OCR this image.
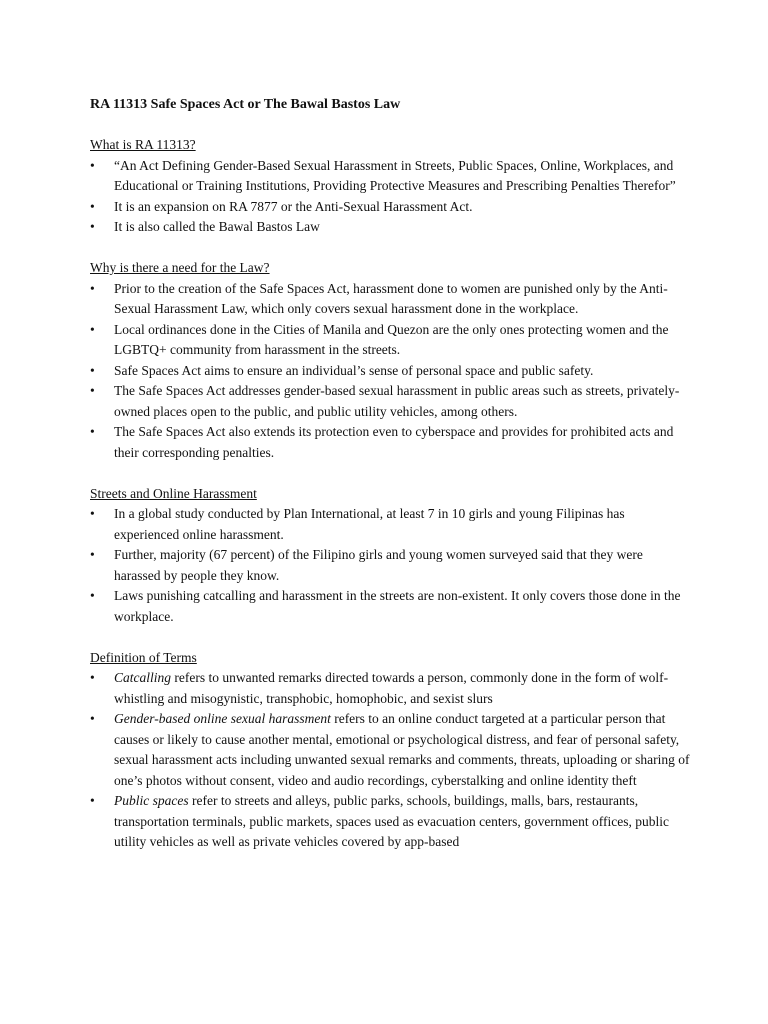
RA 11313 Safe Spaces Act or The Bawal Bastos Law
What is RA 11313?
• “An Act Defining Gender-Based Sexual Harassment in Streets, Public Spaces, Online, Workplaces, and Educational or Training Institutions, Providing Protective Measures and Prescribing Penalties Therefor”
• It is an expansion on RA 7877 or the Anti-Sexual Harassment Act.
• It is also called the Bawal Bastos Law
Why is there a need for the Law?
• Prior to the creation of the Safe Spaces Act, harassment done to women are punished only by the Anti-Sexual Harassment Law, which only covers sexual harassment done in the workplace.
• Local ordinances done in the Cities of Manila and Quezon are the only ones protecting women and the LGBTQ+ community from harassment in the streets.
• Safe Spaces Act aims to ensure an individual’s sense of personal space and public safety.
• The Safe Spaces Act addresses gender-based sexual harassment in public areas such as streets, privately-owned places open to the public, and public utility vehicles, among others.
• The Safe Spaces Act also extends its protection even to cyberspace and provides for prohibited acts and their corresponding penalties.
Streets and Online Harassment
• In a global study conducted by Plan International, at least 7 in 10 girls and young Filipinas has experienced online harassment.
• Further, majority (67 percent) of the Filipino girls and young women surveyed said that they were harassed by people they know.
• Laws punishing catcalling and harassment in the streets are non-existent. It only covers those done in the workplace.
Definition of Terms
• Catcalling refers to unwanted remarks directed towards a person, commonly done in the form of wolf-whistling and misogynistic, transphobic, homophobic, and sexist slurs
• Gender-based online sexual harassment refers to an online conduct targeted at a particular person that causes or likely to cause another mental, emotional or psychological distress, and fear of personal safety, sexual harassment acts including unwanted sexual remarks and comments, threats, uploading or sharing of one’s photos without consent, video and audio recordings, cyberstalking and online identity theft
• Public spaces refer to streets and alleys, public parks, schools, buildings, malls, bars, restaurants, transportation terminals, public markets, spaces used as evacuation centers, government offices, public utility vehicles as well as private vehicles covered by app-based
